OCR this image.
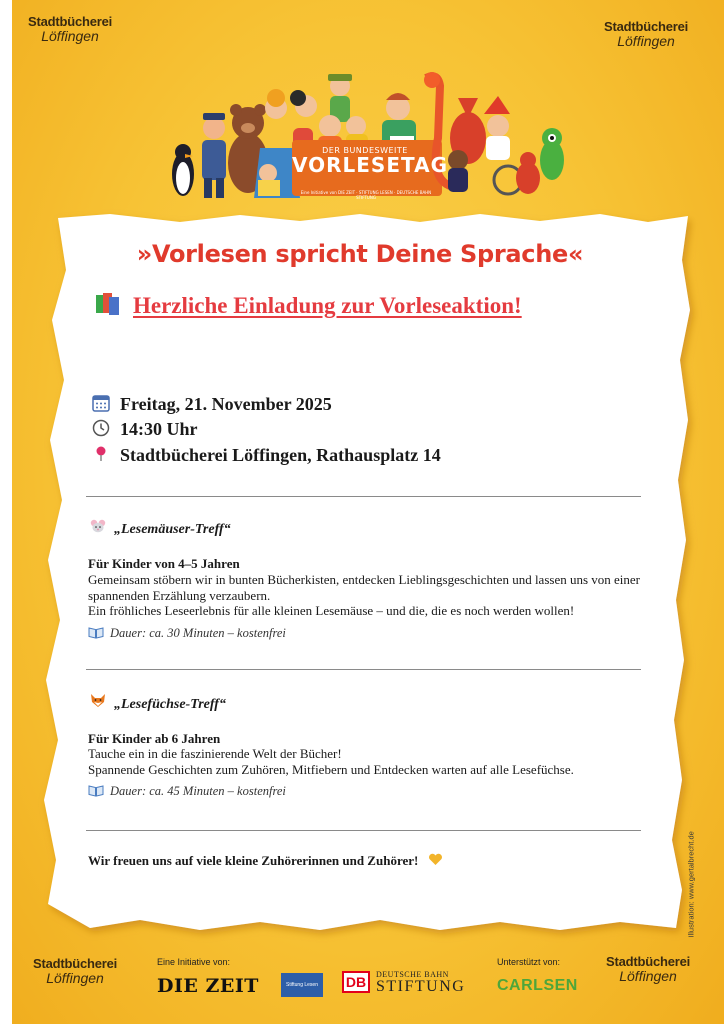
Stadtbücherei
Löffingen
Stadtbücherei
Löffingen
DER BUNDESWEITE
VORLESETAG
Eine Initiative von DIE ZEIT · STIFTUNG LESEN · DEUTSCHE BAHN STIFTUNG
»Vorlesen spricht Deine Sprache«
Herzliche Einladung zur Vorleseaktion!
Freitag, 21. November 2025
14:30 Uhr
Stadtbücherei Löffingen, Rathausplatz 14
„Lesemäuser-Treff“
Für Kinder von 4–5 Jahren
Gemeinsam stöbern wir in bunten Bücherkisten, entdecken Lieblingsgeschichten und lassen uns von einer spannenden Erzählung verzaubern.
Ein fröhliches Leseerlebnis für alle kleinen Lesemäuse – und die, die es noch werden wollen!
Dauer: ca. 30 Minuten – kostenfrei
„Lesefüchse-Treff“
Für Kinder ab 6 Jahren
Tauche ein in die faszinierende Welt der Bücher!
Spannende Geschichten zum Zuhören, Mitfiebern und Entdecken warten auf alle Lesefüchse.
Dauer: ca. 45 Minuten – kostenfrei
Wir freuen uns auf viele kleine Zuhörerinnen und Zuhörer!	Illustration: www.gertalbrecht.de
Stadtbücherei
Löffingen
Eine Initiative von:
DIE ZEIT	Stiftung Lesen	DB	DEUTSCHE BAHN
STIFTUNG
Unterstützt von:
CARLSEN
Stadtbücherei
Löffingen
